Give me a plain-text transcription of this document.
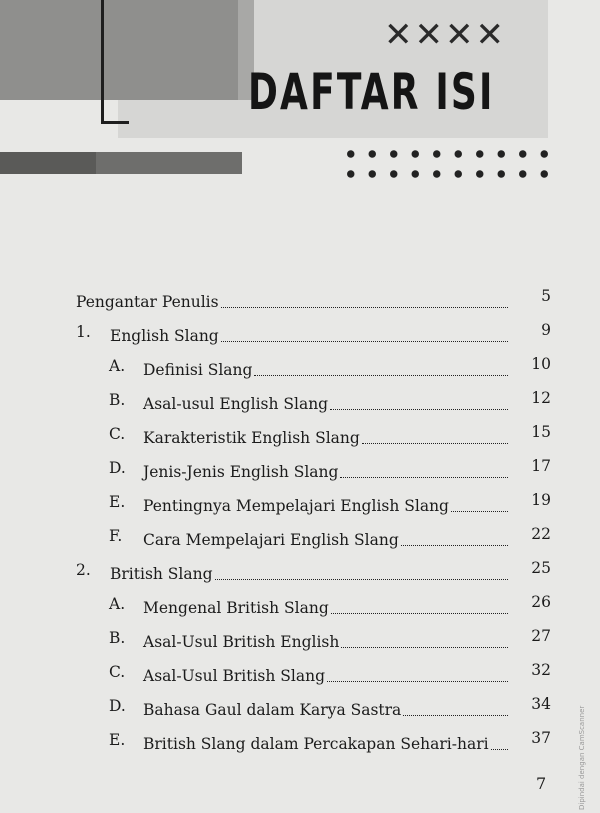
✕✕✕✕
DAFTAR ISI
Pengantar Penulis	5
1. English Slang	9
A. Definisi Slang	10
B. Asal-usul English Slang	12
C. Karakteristik English Slang	15
D. Jenis-Jenis English Slang	17
E. Pentingnya Mempelajari English Slang	19
F. Cara Mempelajari English Slang	22
2. British Slang	25
A. Mengenal British Slang	26
B. Asal-Usul British English	27
C. Asal-Usul British Slang	32
D. Bahasa Gaul dalam Karya Sastra	34
E. British Slang dalam Percakapan Sehari-hari	37
7	Dipindai dengan CamScanner
